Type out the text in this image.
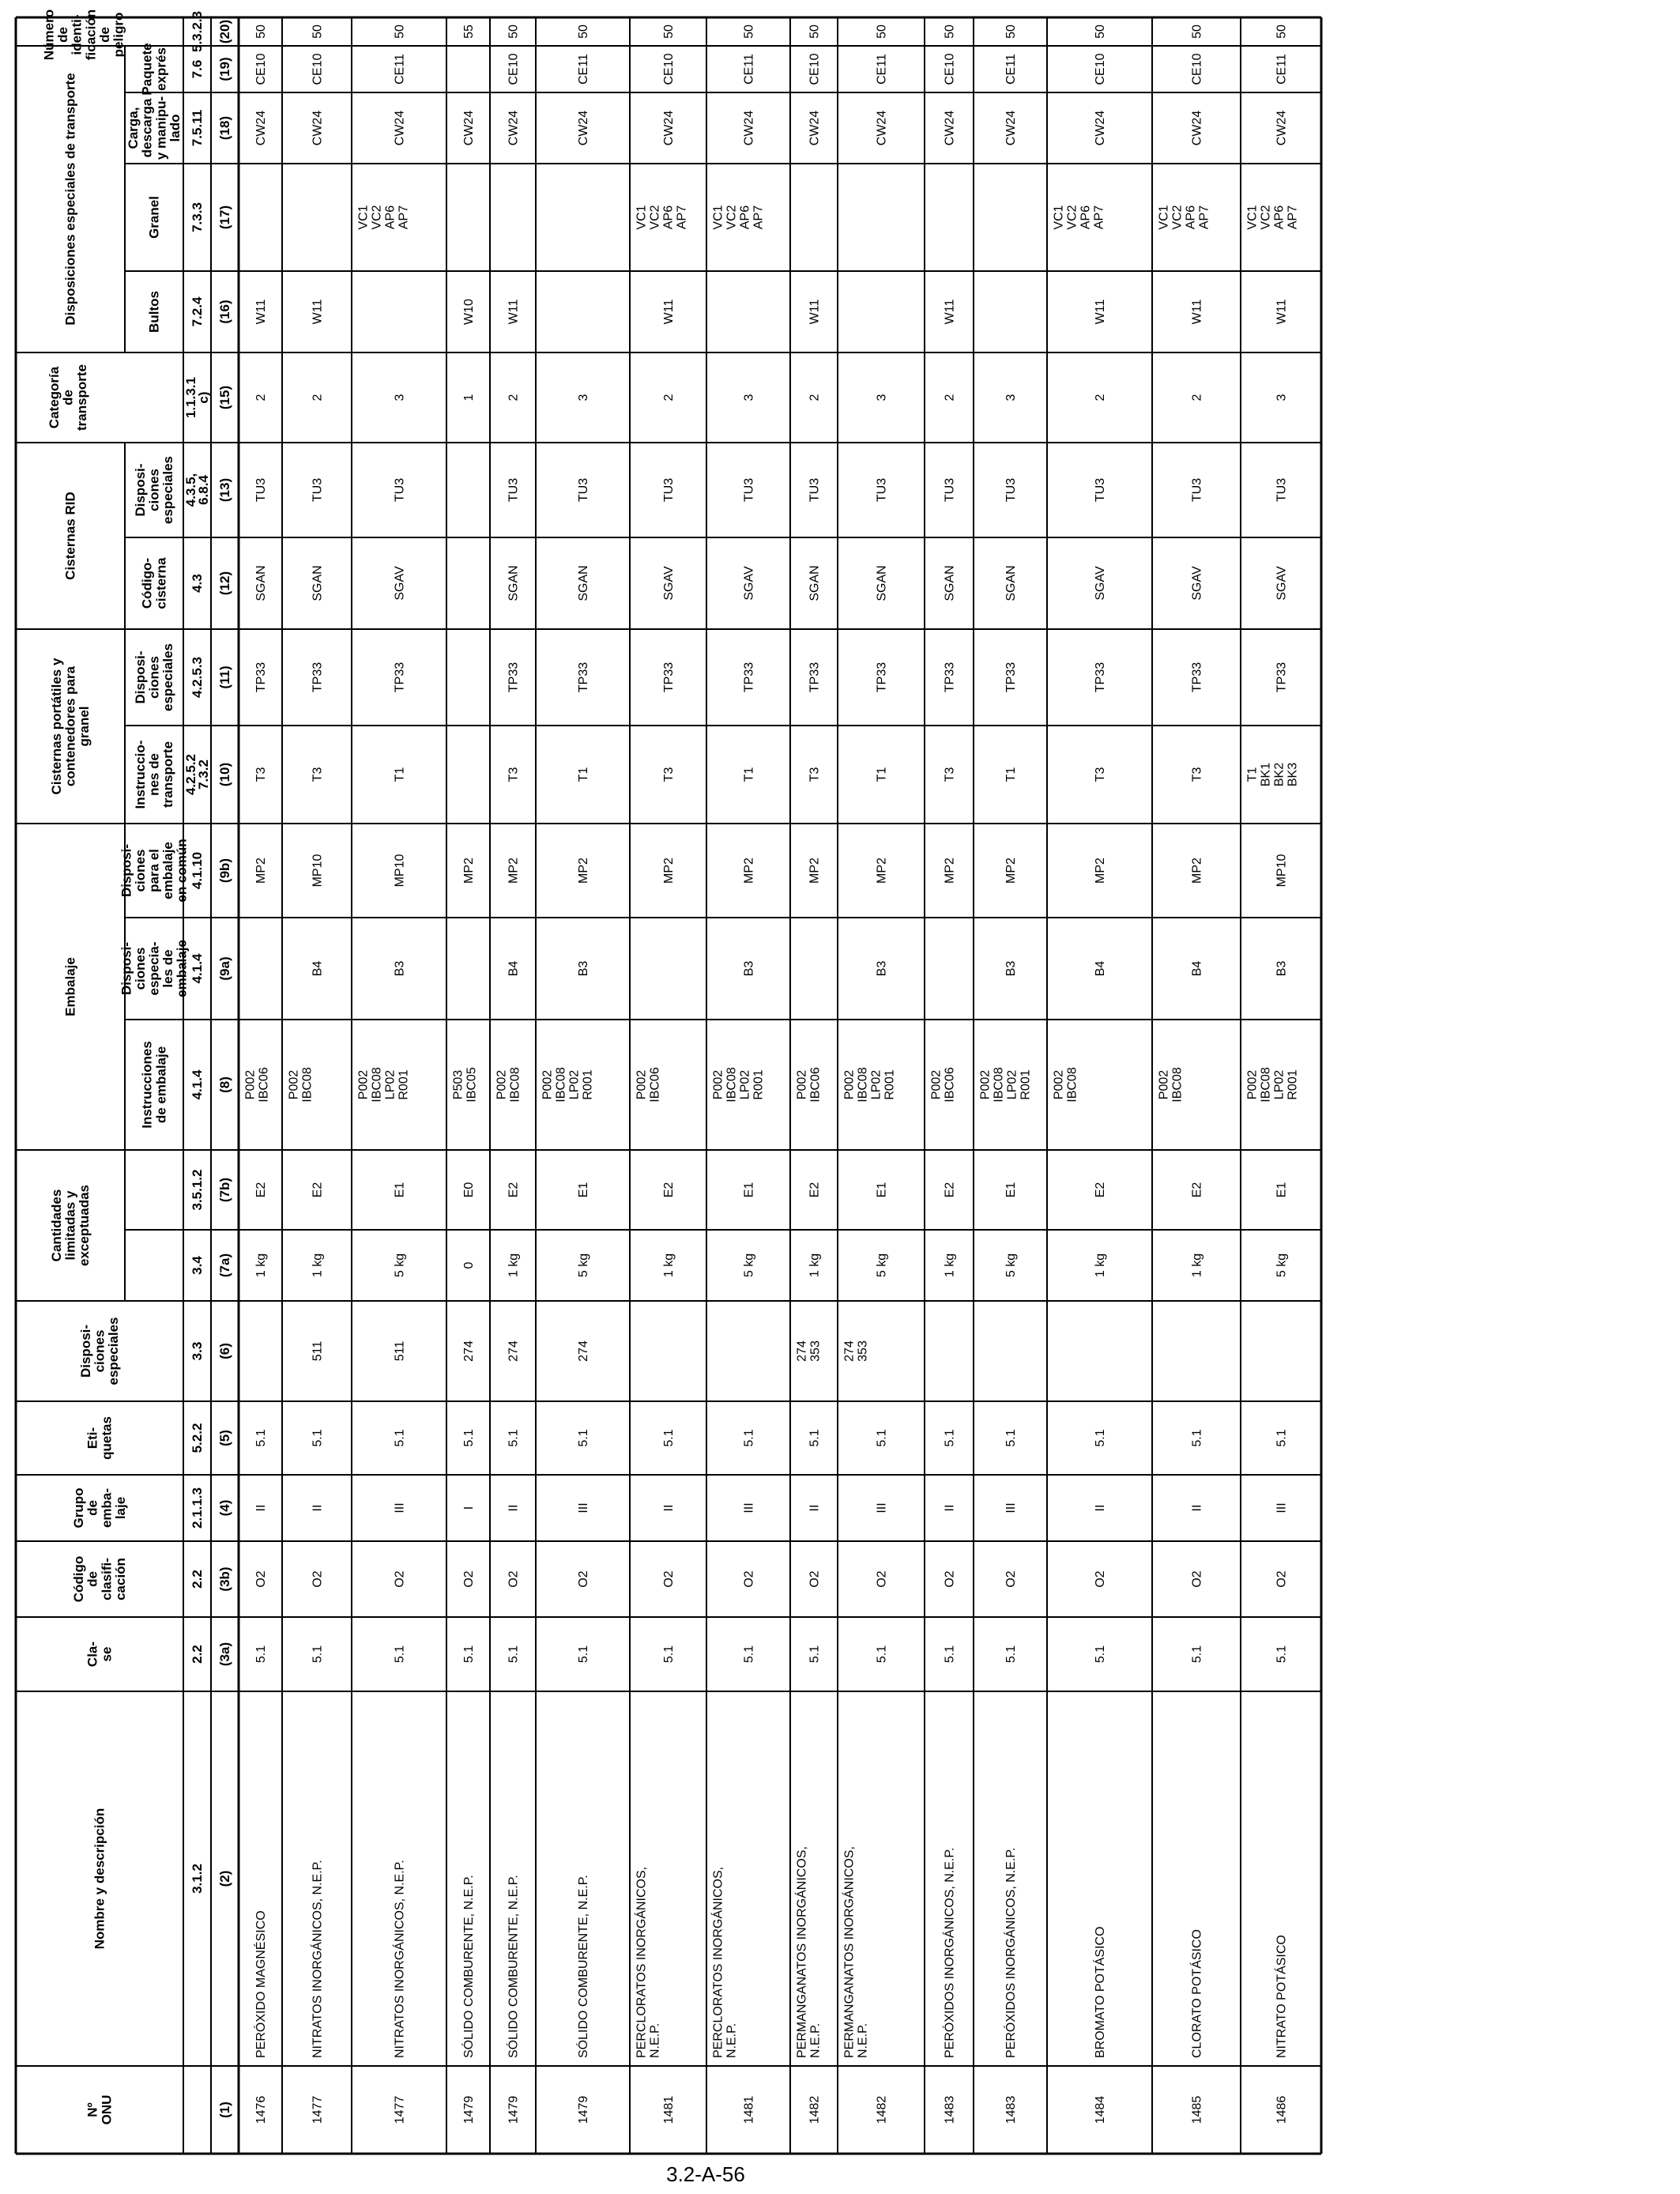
NºONU
Nombre y descripción
Cla-se
Códigodeclasifi-cación
Grupodeemba-laje
Eti-quetas
Disposi-cionesespeciales
Cantidadeslimitadas yexceptuadas
Embalaje
Instruccionesde embalaje
Disposi-cionesespecia-les deembalaje
Disposi-cionespara elembalajeen común
Cisternas portátiles ycontenedores paragranel
Instruccio-nes detransporte
Disposi-cionesespeciales
Cisternas RID
Código-cisterna
Disposi-cionesespeciales
Categoríadetransporte
Disposiciones especiales de transporte	Bultos
Granel
Carga,descargay manipu-lado
Paqueteexprés
Númerodeidenti-ficacióndepeligro
(1)
3.1.2 (2)
2.2 (3a)
2.2 (3b)
2.1.1.3 (4)
5.2.2 (5)
3.3 (6)
3.4 (7a)
3.5.1.2 (7b)
4.1.4 (8)
4.1.4 (9a)
4.1.10 (9b)
4.2.5.27.3.2 (10)
4.2.5.3 (11)
4.3 (12)
4.3.5,6.8.4 (13)
1.1.3.1c) (15)
7.2.4 (16)
7.3.3 (17)
7.5.11 (18)
7.6 (19)
5.3.2.3 (20)
1476
PERÓXIDO MAGNÉSICO
5.1
O2
II
5.1
1 kg
E2
P002IBC06
MP2
T3
TP33
SGAN
TU3
2
W11
CW24
CE10
50
1477
NITRATOS INORGÁNICOS, N.E.P.
5.1
O2
II
5.1
511
1 kg
E2
P002IBC08
B4
MP10
T3
TP33
SGAN
TU3
2
W11
CW24
CE10
50
1477
NITRATOS INORGÁNICOS, N.E.P.
5.1
O2
III
5.1
511
5 kg
E1
P002IBC08LP02R001
B3
MP10
T1
TP33
SGAV
TU3
3
VC1VC2AP6AP7
CW24
CE11
50
1479
SÓLIDO COMBURENTE, N.E.P.
5.1
O2
I
5.1
274
0
E0
P503IBC05
MP2
1
W10
CW24
55
1479
SÓLIDO COMBURENTE, N.E.P.
5.1
O2
II
5.1
274
1 kg
E2
P002IBC08
B4
MP2
T3
TP33
SGAN
TU3
2
W11
CW24
CE10
50
1479
SÓLIDO COMBURENTE, N.E.P.
5.1
O2
III
5.1
274
5 kg
E1
P002IBC08LP02R001
B3
MP2
T1
TP33
SGAN
TU3
3
CW24
CE11
50
1481
PERCLORATOS INORGÁNICOS,N.E.P.
5.1
O2
II
5.1
1 kg
E2
P002IBC06
MP2
T3
TP33
SGAV
TU3
2
W11
VC1VC2AP6AP7
CW24
CE10
50
1481
PERCLORATOS INORGÁNICOS,N.E.P.
5.1
O2
III
5.1
5 kg
E1
P002IBC08LP02R001
B3
MP2
T1
TP33
SGAV
TU3
3
VC1VC2AP6AP7
CW24
CE11
50
1482
PERMANGANATOS INORGÁNICOS,N.E.P.
5.1
O2
II
5.1
274353
1 kg
E2
P002IBC06
MP2
T3
TP33
SGAN
TU3
2
W11
CW24
CE10
50
1482
PERMANGANATOS INORGÁNICOS,N.E.P.
5.1
O2
III
5.1
274353
5 kg
E1
P002IBC08LP02R001
B3
MP2
T1
TP33
SGAN
TU3
3
CW24
CE11
50
1483
PERÓXIDOS INORGÁNICOS, N.E.P.
5.1
O2
II
5.1
1 kg
E2
P002IBC06
MP2
T3
TP33
SGAN
TU3
2
W11
CW24
CE10
50
1483
PERÓXIDOS INORGÁNICOS, N.E.P.
5.1
O2
III
5.1
5 kg
E1
P002IBC08LP02R001
B3
MP2
T1
TP33
SGAN
TU3
3
CW24
CE11
50
1484
BROMATO POTÁSICO
5.1
O2
II
5.1
1 kg
E2
P002IBC08
B4
MP2
T3
TP33
SGAV
TU3
2
W11
VC1VC2AP6AP7
CW24
CE10
50
1485
CLORATO POTÁSICO
5.1
O2
II
5.1
1 kg
E2
P002IBC08
B4
MP2
T3
TP33
SGAV
TU3
2
W11
VC1VC2AP6AP7
CW24
CE10
50
1486
NITRATO POTÁSICO
5.1
O2
III
5.1
5 kg
E1
P002IBC08LP02R001
B3
MP10
T1BK1BK2BK3
TP33
SGAV
TU3
3
W11
VC1VC2AP6AP7
CW24
CE11
50
3.2-A-56
